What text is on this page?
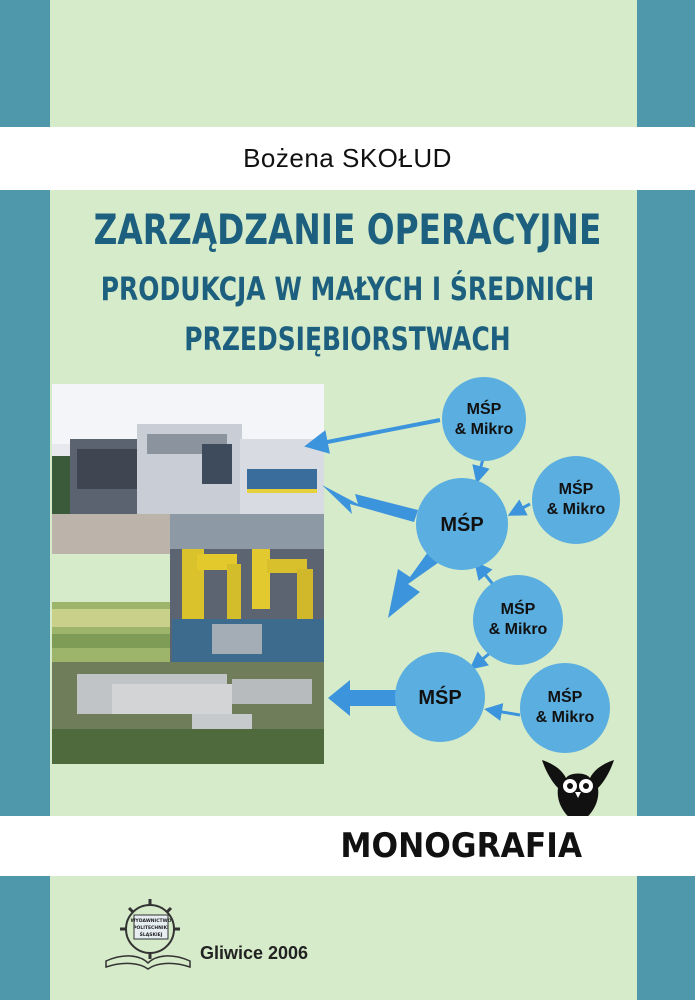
Bożena SKOŁUD
ZARZĄDZANIE OPERACYJNE
PRODUKCJA W MAŁYCH I ŚREDNICH
PRZEDSIĘBIORSTWACH
MŚP
& Mikro
MŚP
& Mikro
MŚP
MŚP
& Mikro
MŚP	MŚP
& Mikro
MONOGRAFIA
WYDAWNICTWO
POLITECHNIKI
ŚLĄSKIEJ
Gliwice 2006
